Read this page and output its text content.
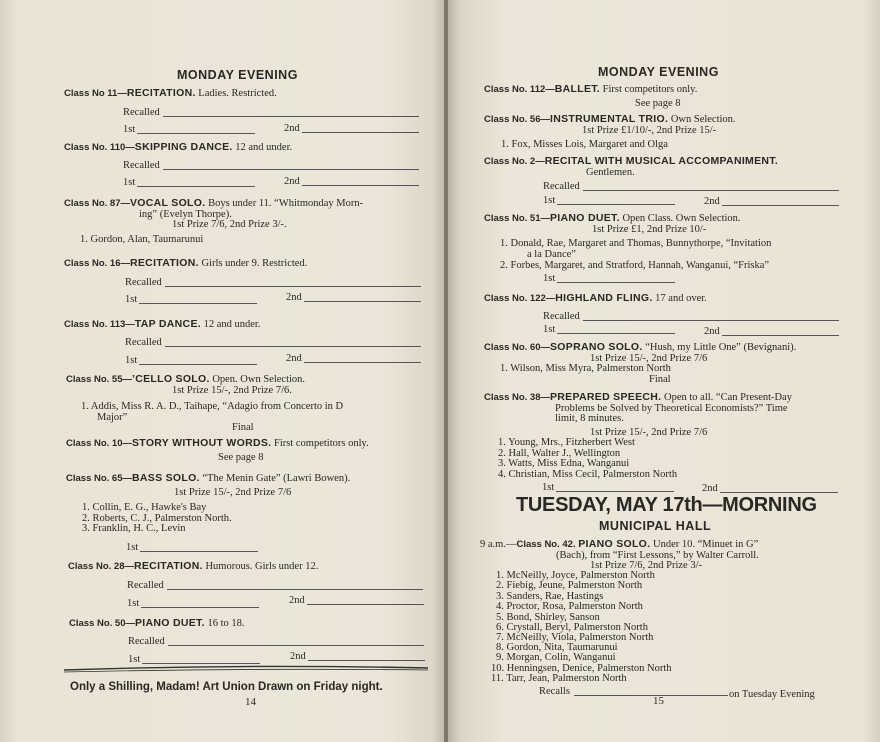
MONDAY EVENING
Class No 11—RECITATION. Ladies. Restricted.
Recalled
1st	2nd
Class No. 110—SKIPPING DANCE. 12 and under.
Recalled
1st	2nd
Class No. 87—VOCAL SOLO. Boys under 11. “Whitmonday Morn-
ing” (Evelyn Thorpe).
1st Prize 7/6, 2nd Prize 3/-.
1. Gordon, Alan, Taumarunui
Class No. 16—RECITATION. Girls under 9. Restricted.
Recalled
1st	2nd
Class No. 113—TAP DANCE. 12 and under.
Recalled
1st	2nd
Class No. 55—’CELLO SOLO. Open. Own Selection.
1st Prize 15/-, 2nd Prize 7/6.
1. Addis, Miss R. A. D., Taihape, “Adagio from Concerto in D
Major”
Final
Class No. 10—STORY WITHOUT WORDS. First competitors only.
See page 8
Class No. 65—BASS SOLO. “The Menin Gate” (Lawri Bowen).
1st Prize 15/-, 2nd Prize 7/6
1. Collin, E. G., Hawke's Bay
2. Roberts, C. J., Palmerston North.
3. Franklin, H. C., Levin
1st
Class No. 28—RECITATION. Humorous. Girls under 12.
Recalled
1st	2nd
Class No. 50—PIANO DUET. 16 to 18.
Recalled
1st	2nd
Only a Shilling, Madam! Art Union Drawn on Friday night.
14
MONDAY EVENING
Class No. 112—BALLET. First competitors only.
See page 8
Class No. 56—INSTRUMENTAL TRIO. Own Selection.
1st Prize £1/10/-, 2nd Prize 15/-
1. Fox, Misses Lois, Margaret and Olga
Class No. 2—RECITAL WITH MUSICAL ACCOMPANIMENT.
Gentlemen.
Recalled
1st	2nd
Class No. 51—PIANO DUET. Open Class. Own Selection.
1st Prize £1, 2nd Prize 10/-
1. Donald, Rae, Margaret and Thomas, Bunnythorpe, “Invitation
a la Dance”
2. Forbes, Margaret, and Stratford, Hannah, Wanganui, “Friska”
1st
Class No. 122—HIGHLAND FLING. 17 and over.
Recalled
1st	2nd
Class No. 60—SOPRANO SOLO. “Hush, my Little One” (Bevignani).
1st Prize 15/-, 2nd Prize 7/6
1. Wilson, Miss Myra, Palmerston North
Final
Class No. 38—PREPARED SPEECH. Open to all. “Can Present-Day
Problems be Solved by Theoretical Economists?” Time
limit, 8 minutes.
1st Prize 15/-, 2nd Prize 7/6
1. Young, Mrs., Fitzherbert West
2. Hall, Walter J., Wellington
3. Watts, Miss Edna, Wanganui
4. Christian, Miss Cecil, Palmerston North
1st	2nd
TUESDAY, MAY 17th—MORNING
MUNICIPAL HALL
9 a.m.—Class No. 42. PIANO SOLO. Under 10. “Minuet in G”
(Bach), from “First Lessons,” by Walter Carroll.
1st Prize 7/6, 2nd Prize 3/-
1. McNeilly, Joyce, Palmerston North
2. Fiebig, Jeune, Palmerston North
3. Sanders, Rae, Hastings
4. Proctor, Rosa, Palmerston North
5. Bond, Shirley, Sanson
6. Crystall, Beryl, Palmerston North
7. McNeilly, Viola, Palmerston North
8. Gordon, Nita, Taumarunui
9. Morgan, Colin, Wanganui
10. Henningsen, Denice, Palmerston North
11. Tarr, Jean, Palmerston North
Recalls	on Tuesday Evening
15
